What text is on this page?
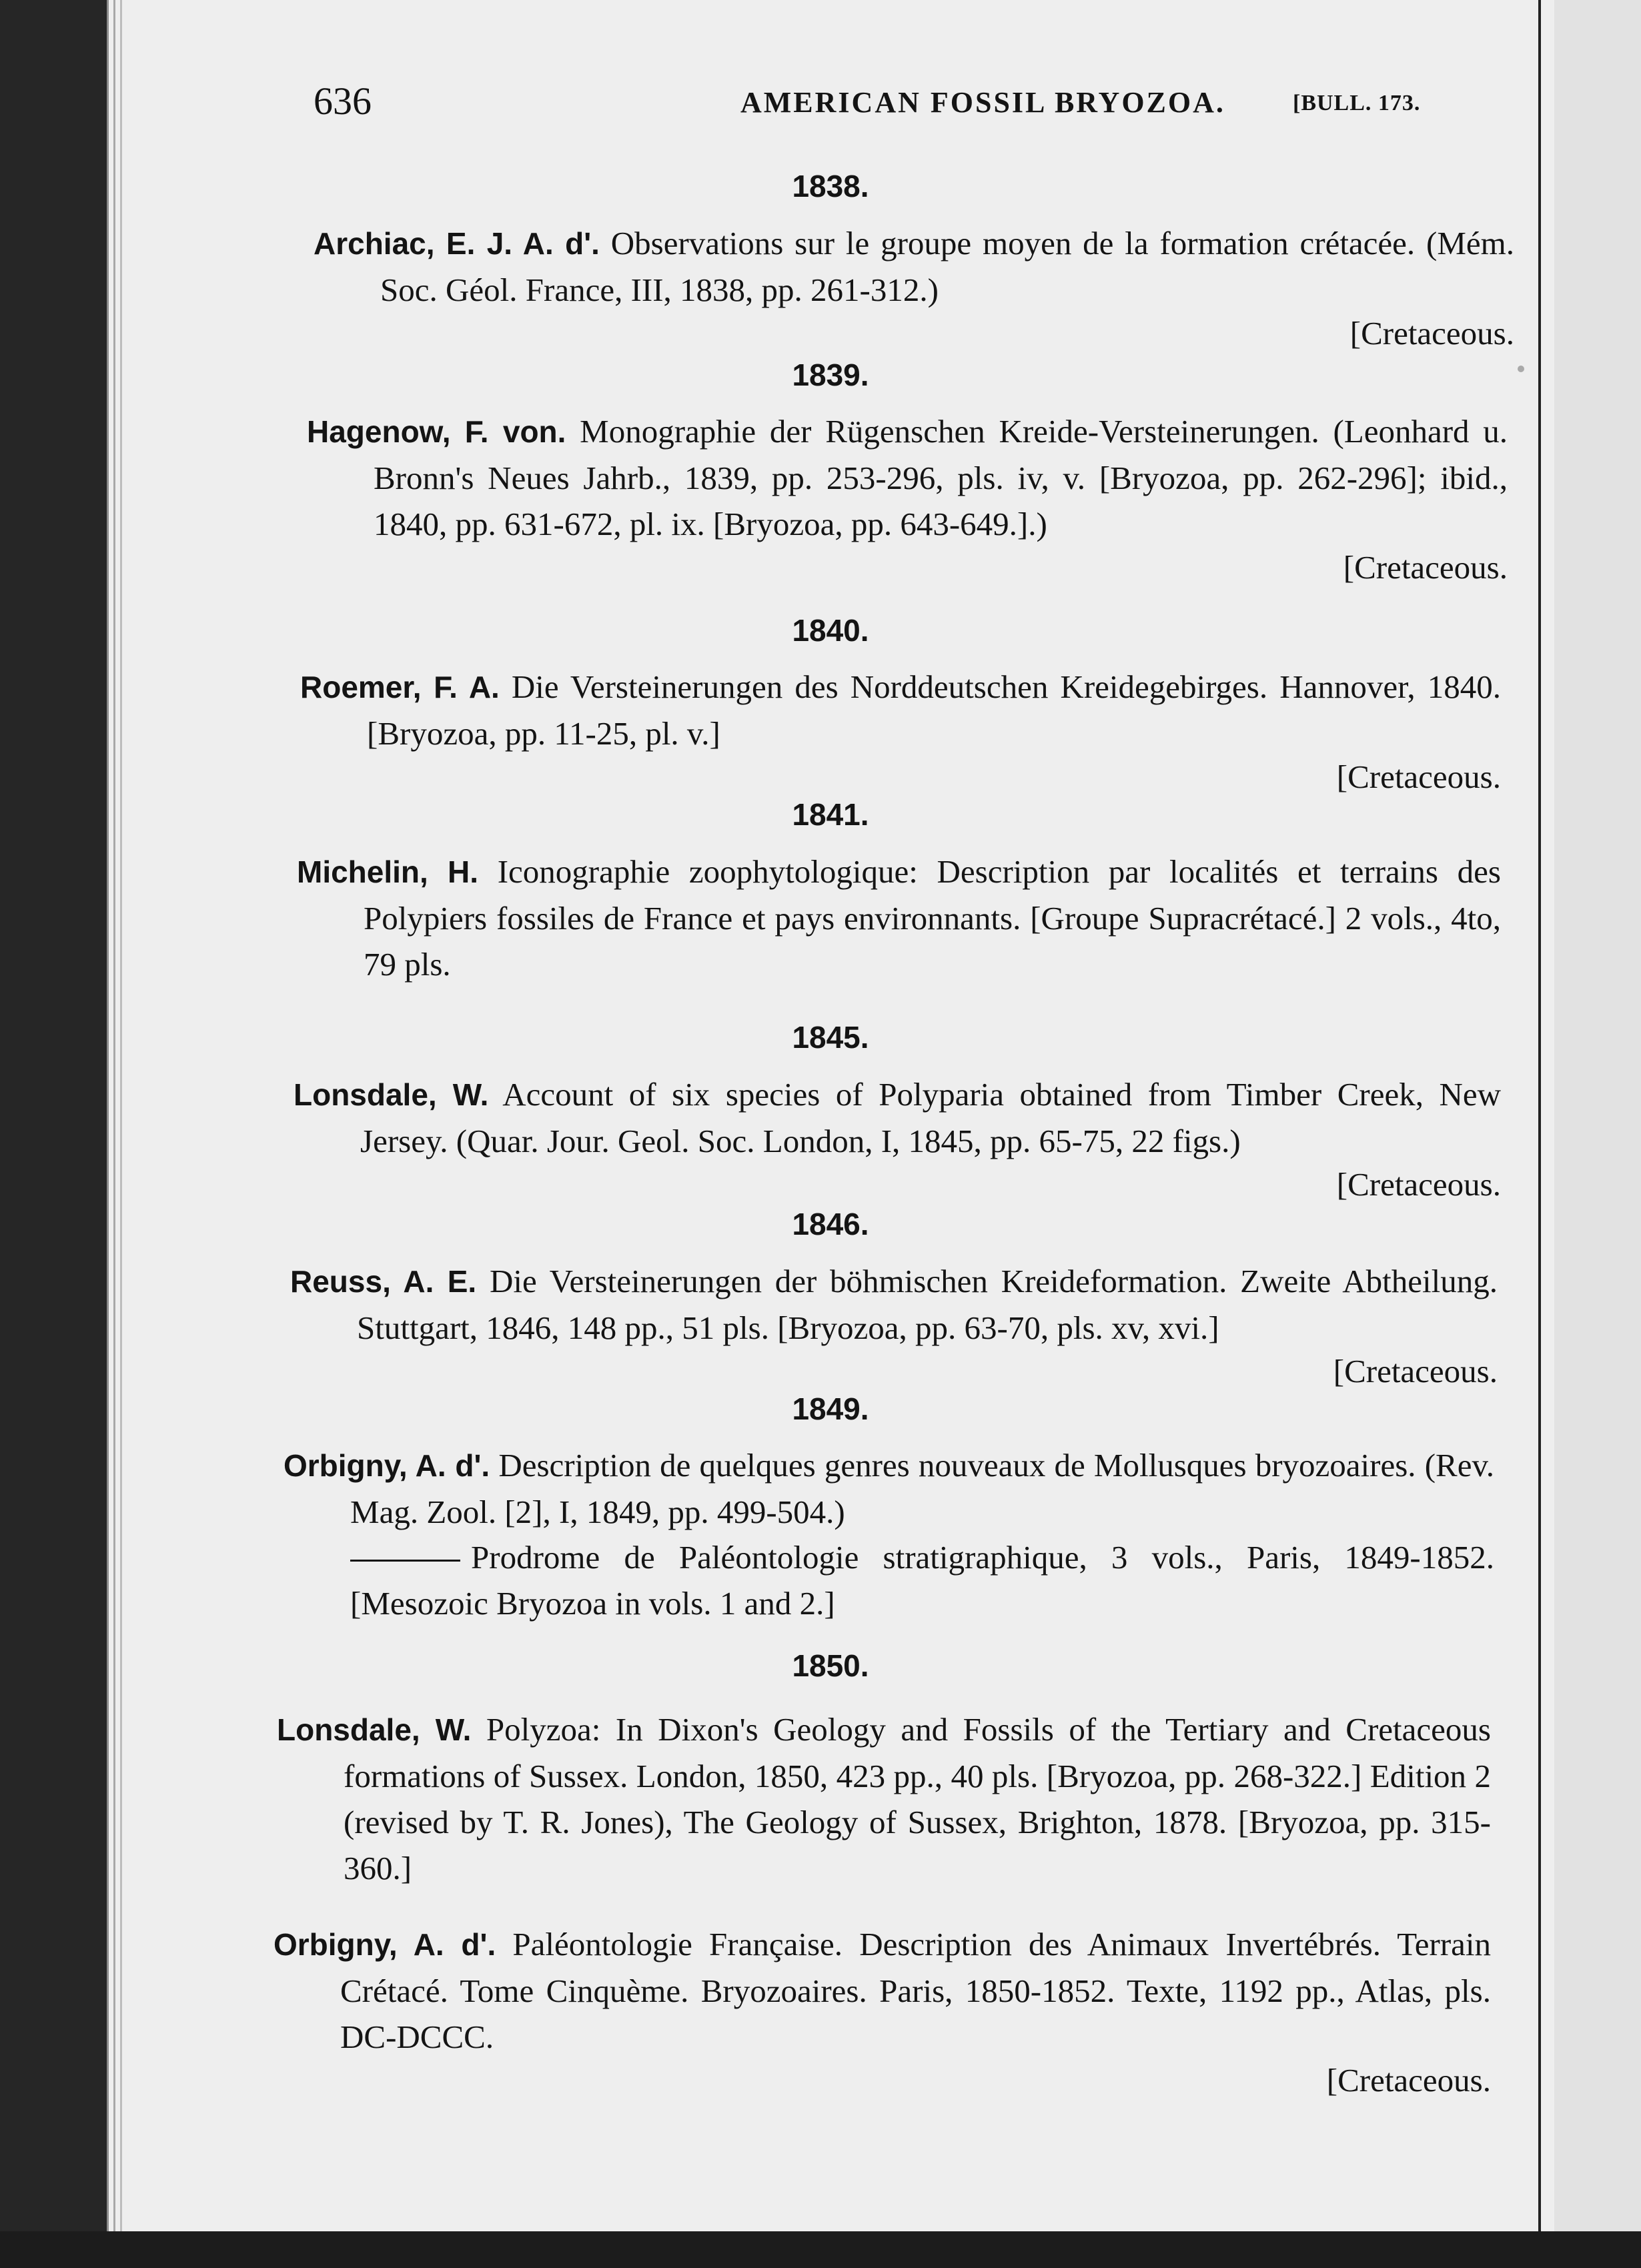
636	AMERICAN FOSSIL BRYOZOA.	[BULL. 173.
1838.
Archiac, E. J. A. d'. Observations sur le groupe moyen de la formation crétacée. (Mém. Soc. Géol. France, III, 1838, pp. 261-312.)
[Cretaceous.
1839.
Hagenow, F. von. Monographie der Rügenschen Kreide-Versteinerungen. (Leonhard u. Bronn's Neues Jahrb., 1839, pp. 253-296, pls. iv, v. [Bryozoa, pp. 262-296]; ibid., 1840, pp. 631-672, pl. ix. [Bryozoa, pp. 643-649.].)
[Cretaceous.
1840.
Roemer, F. A. Die Versteinerungen des Norddeutschen Kreidegebirges. Hannover, 1840. [Bryozoa, pp. 11-25, pl. v.]
[Cretaceous.
1841.
Michelin, H. Iconographie zoophytologique: Description par localités et terrains des Polypiers fossiles de France et pays environnants. [Groupe Supracrétacé.] 2 vols., 4to, 79 pls.
1845.
Lonsdale, W. Account of six species of Polyparia obtained from Timber Creek, New Jersey. (Quar. Jour. Geol. Soc. London, I, 1845, pp. 65-75, 22 figs.)
[Cretaceous.
1846.
Reuss, A. E. Die Versteinerungen der böhmischen Kreideformation. Zweite Abtheilung. Stuttgart, 1846, 148 pp., 51 pls. [Bryozoa, pp. 63-70, pls. xv, xvi.]
[Cretaceous.
1849.
Orbigny, A. d'. Description de quelques genres nouveaux de Mollusques bryozoaires. (Rev. Mag. Zool. [2], I, 1849, pp. 499-504.)
Prodrome de Paléontologie stratigraphique, 3 vols., Paris, 1849-1852. [Mesozoic Bryozoa in vols. 1 and 2.]
1850.
Lonsdale, W. Polyzoa: In Dixon's Geology and Fossils of the Tertiary and Cretaceous formations of Sussex. London, 1850, 423 pp., 40 pls. [Bryozoa, pp. 268-322.] Edition 2 (revised by T. R. Jones), The Geology of Sussex, Brighton, 1878. [Bryozoa, pp. 315-360.]
Orbigny, A. d'. Paléontologie Française. Description des Animaux Invertébrés. Terrain Crétacé. Tome Cinquème. Bryozoaires. Paris, 1850-1852. Texte, 1192 pp., Atlas, pls. DC-DCCC.
[Cretaceous.
